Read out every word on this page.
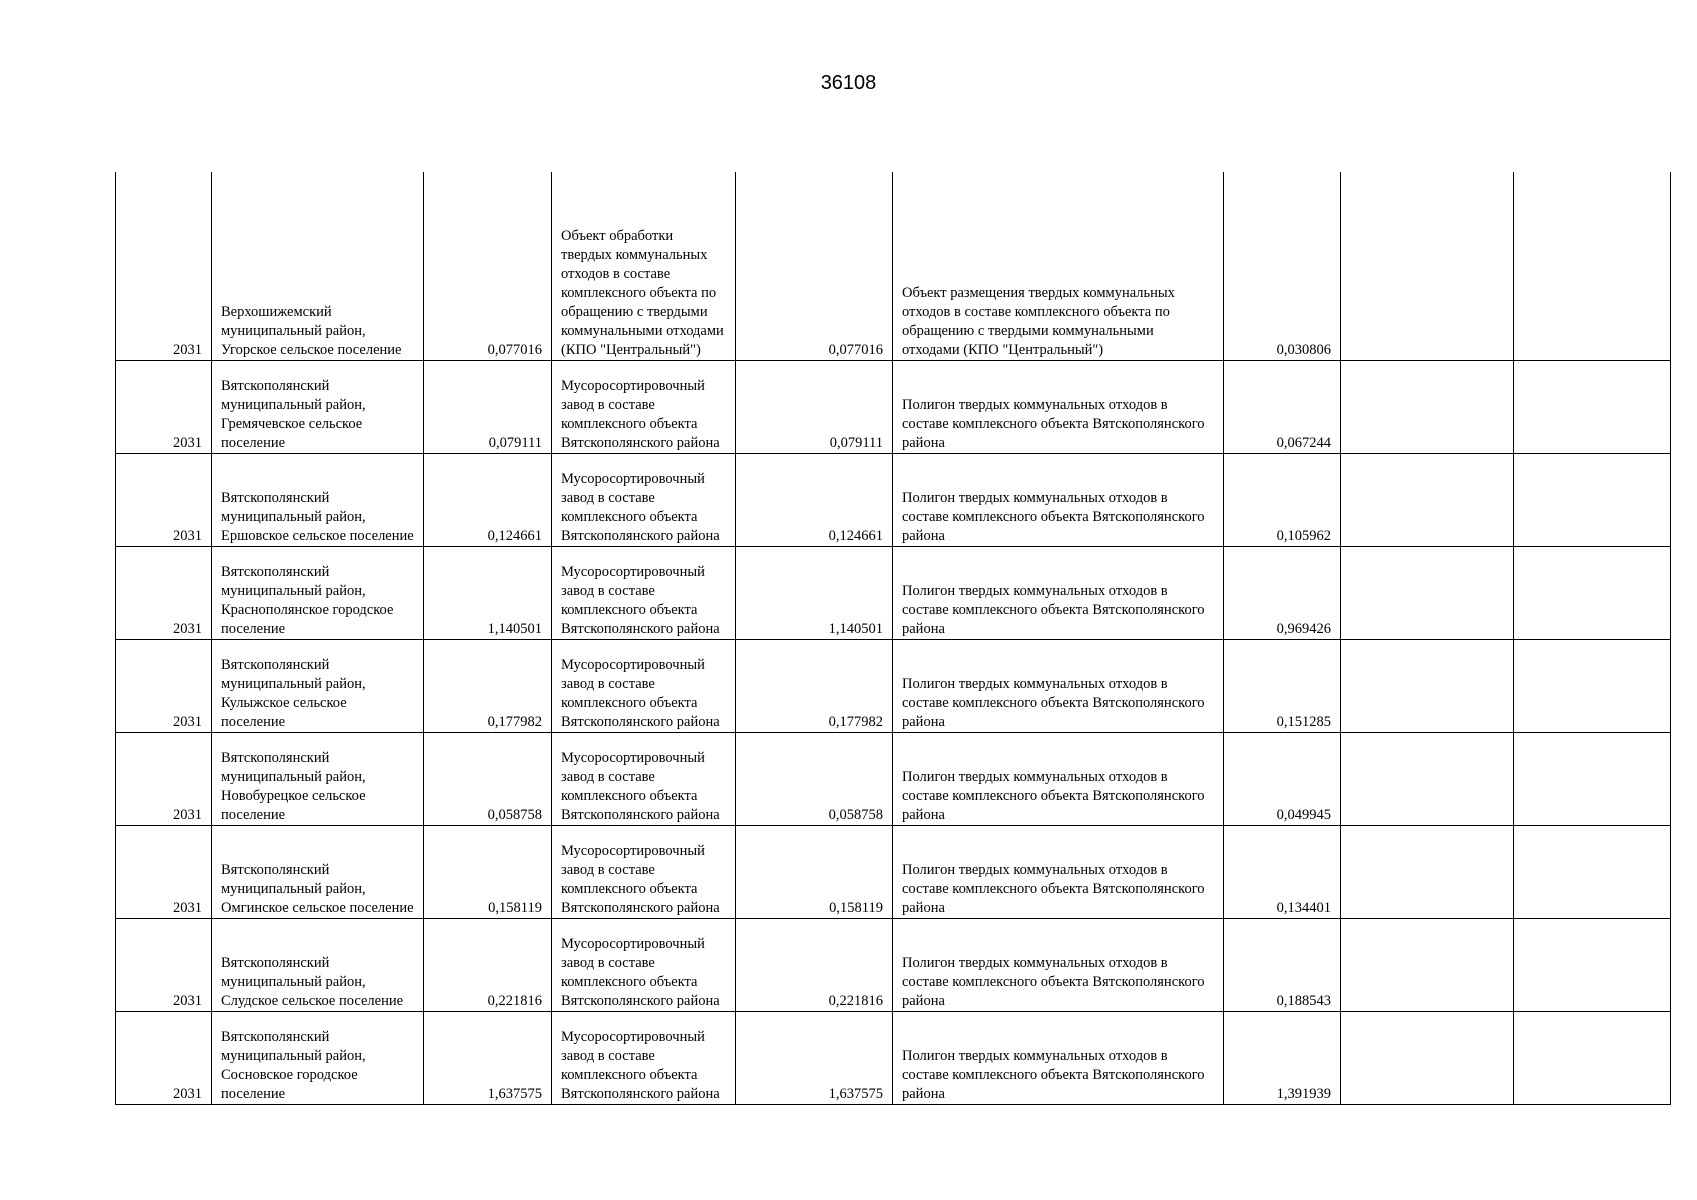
36108
2031	Верхошижемский муниципальный район, Угорское сельское поселение	0,077016	Объект обработки твердых коммунальных отходов в составе комплексного объекта по обращению с твердыми коммунальными отходами (КПО "Центральный")	0,077016	Объект размещения твердых коммунальных отходов в составе комплексного объекта по обращению с твердыми коммунальными отходами (КПО "Центральный")	0,030806		
2031	Вятскополянский муниципальный район, Гремячевское сельское поселение	0,079111	Мусоросортировочный завод в составе комплексного объекта Вятскополянского района	0,079111	Полигон твердых коммунальных отходов в составе комплексного объекта Вятскополянского района	0,067244		
2031	Вятскополянский муниципальный район, Ершовское сельское поселение	0,124661	Мусоросортировочный завод в составе комплексного объекта Вятскополянского района	0,124661	Полигон твердых коммунальных отходов в составе комплексного объекта Вятскополянского района	0,105962		
2031	Вятскополянский муниципальный район, Краснополянское городское поселение	1,140501	Мусоросортировочный завод в составе комплексного объекта Вятскополянского района	1,140501	Полигон твердых коммунальных отходов в составе комплексного объекта Вятскополянского района	0,969426		
2031	Вятскополянский муниципальный район, Кулыжское сельское поселение	0,177982	Мусоросортировочный завод в составе комплексного объекта Вятскополянского района	0,177982	Полигон твердых коммунальных отходов в составе комплексного объекта Вятскополянского района	0,151285		
2031	Вятскополянский муниципальный район, Новобурецкое сельское поселение	0,058758	Мусоросортировочный завод в составе комплексного объекта Вятскополянского района	0,058758	Полигон твердых коммунальных отходов в составе комплексного объекта Вятскополянского района	0,049945		
2031	Вятскополянский муниципальный район, Омгинское сельское поселение	0,158119	Мусоросортировочный завод в составе комплексного объекта Вятскополянского района	0,158119	Полигон твердых коммунальных отходов в составе комплексного объекта Вятскополянского района	0,134401		
2031	Вятскополянский муниципальный район, Слудское сельское поселение	0,221816	Мусоросортировочный завод в составе комплексного объекта Вятскополянского района	0,221816	Полигон твердых коммунальных отходов в составе комплексного объекта Вятскополянского района	0,188543		
2031	Вятскополянский муниципальный район, Сосновское городское поселение	1,637575	Мусоросортировочный завод в составе комплексного объекта Вятскополянского района	1,637575	Полигон твердых коммунальных отходов в составе комплексного объекта Вятскополянского района	1,391939		
